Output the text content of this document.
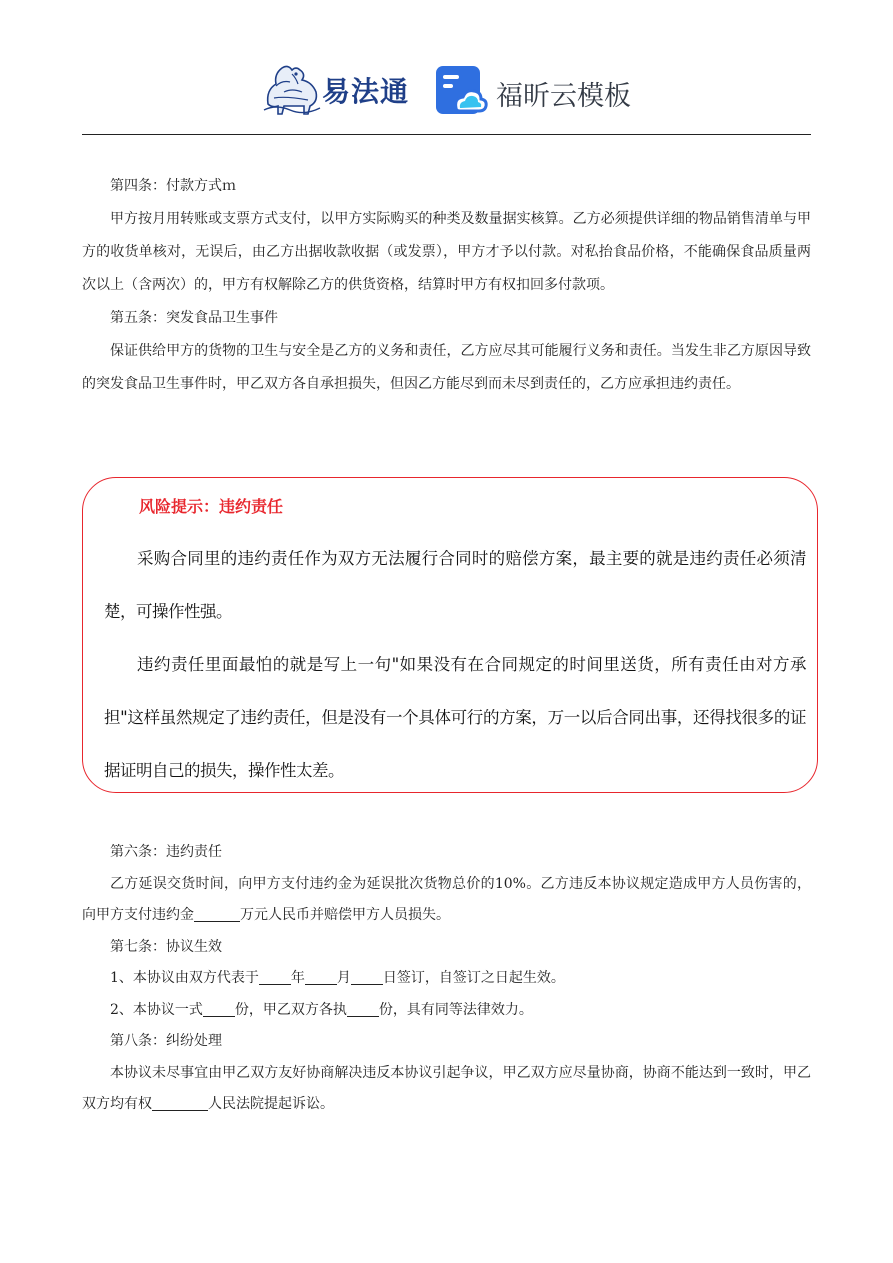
易法通	福昕云模板

第四条：付款方式ｍ

甲方按月用转账或支票方式支付，以甲方实际购买的种类及数量据实核算。乙方必须提供详细的物品销售清单与甲方的收货单核对，无误后，由乙方出据收款收据（或发票），甲方才予以付款。对私抬食品价格，不能确保食品质量两次以上（含两次）的，甲方有权解除乙方的供货资格，结算时甲方有权扣回多付款项。

第五条：突发食品卫生事件

保证供给甲方的货物的卫生与安全是乙方的义务和责任，乙方应尽其可能履行义务和责任。当发生非乙方原因导致的突发食品卫生事件时，甲乙双方各自承担损失，但因乙方能尽到而未尽到责任的，乙方应承担违约责任。

风险提示：违约责任

采购合同里的违约责任作为双方无法履行合同时的赔偿方案，最主要的就是违约责任必须清楚，可操作性强。

违约责任里面最怕的就是写上一句"如果没有在合同规定的时间里送货，所有责任由对方承担"这样虽然规定了违约责任，但是没有一个具体可行的方案，万一以后合同出事，还得找很多的证据证明自己的损失，操作性太差。

第六条：违约责任

乙方延误交货时间，向甲方支付违约金为延误批次货物总价的10%。乙方违反本协议规定造成甲方人员伤害的，向甲方支付违约金	万元人民币并赔偿甲方人员损失。

第七条：协议生效

1、本协议由双方代表于 年 月 日签订，自签订之日起生效。

2、本协议一式 份，甲乙双方各执 份，具有同等法律效力。

第八条：纠纷处理

本协议未尽事宜由甲乙双方友好协商解决违反本协议引起争议，甲乙双方应尽量协商，协商不能达到一致时，甲乙双方均有权	人民法院提起诉讼。
